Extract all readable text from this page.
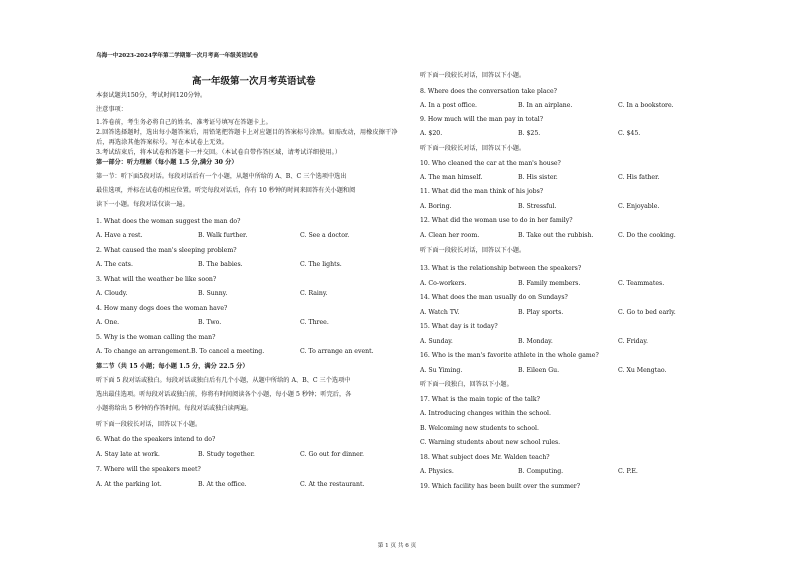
乌海一中2023-2024学年第二学期第一次月考高一年级英语试卷
高一年级第一次月考英语试卷
本套试题共150分，考试时间120分钟。
注意事项：
1.答卷前，考生务必将自己的姓名、准考证号填写在答题卡上。
2.回答选择题时，选出每小题答案后，用铅笔把答题卡上对应题目的答案标号涂黑。如需改动，用橡皮擦干净
后，再选涂其他答案标号。写在本试卷上无效。
3.考试结束后，将本试卷和答题卡一并交回。（本试卷自带作答区域，请考试详细使用。）
第一部分：听力理解（每小题 1.5 分,满分 30 分）
第一节：听下面5段对话。每段对话后有一个小题，从题中所给的 A、B、C 三个选项中选出
最佳选项，并标在试卷的相应位置。听完每段对话后，你有 10 秒钟的时间来回答有关小题和阅
读下一小题。每段对话仅读一遍。
1. What does the woman suggest the man do?
A. Have a rest.	B. Walk further.	C. See a doctor.
2. What caused the man's sleeping problem?
A. The cats.	B. The babies.	C. The lights.
3. What will the weather be like soon?
A. Cloudy.	B. Sunny.	C. Rainy.
4. How many dogs does the woman have?
A. One.	B. Two.	C. Three.
5. Why is the woman calling the man?
A. To change an arrangement.B. To cancel a meeting.	C. To arrange an event.
第二节（共 15 小题；每小题 1.5 分，满分 22.5 分）
听下面 5 段对话或独白。每段对话或独白后有几个小题，从题中所给的 A、B、C 三个选项中
选出最佳选项。听每段对话或独白前，你将有时间阅读各个小题，每小题 5 秒钟；听完后，各
小题将给出 5 秒钟的作答时间。每段对话或独白读两遍。
听下面一段较长对话，回答以下小题。
6. What do the speakers intend to do?
A. Stay late at work.	B. Study together.	C. Go out for dinner.
7. Where will the speakers meet?
A. At the parking lot.	B. At the office.	C. At the restaurant.
听下面一段较长对话，回答以下小题。
8. Where does the conversation take place?
A. In a post office.	B. In an airplane.	C. In a bookstore.
9. How much will the man pay in total?
A. $20.	B. $25.	C. $45.
听下面一段较长对话，回答以下小题。
10. Who cleaned the car at the man's house?
A. The man himself.	B. His sister.	C. His father.
11. What did the man think of his jobs?
A. Boring.	B. Stressful.	C. Enjoyable.
12. What did the woman use to do in her family?
A. Clean her room.	B. Take out the rubbish.	C. Do the cooking.
听下面一段较长对话，回答以下小题。
13. What is the relationship between the speakers?
A. Co-workers.	B. Family members.	C. Teammates.
14. What does the man usually do on Sundays?
A. Watch TV.	B. Play sports.	C. Go to bed early.
15. What day is it today?
A. Sunday.	B. Monday.	C. Friday.
16. Who is the man's favorite athlete in the whole game?
A. Su Yiming.	B. Eileen Gu.	C. Xu Mengtao.
听下面一段独白，回答以下小题。
17. What is the main topic of the talk?
A. Introducing changes within the school.
B. Welcoming new students to school.
C. Warning students about new school rules.
18. What subject does Mr. Walden teach?
A. Physics.	B. Computing.	C. P.E.
19. Which facility has been built over the summer?
第 1 页 共 6 页
